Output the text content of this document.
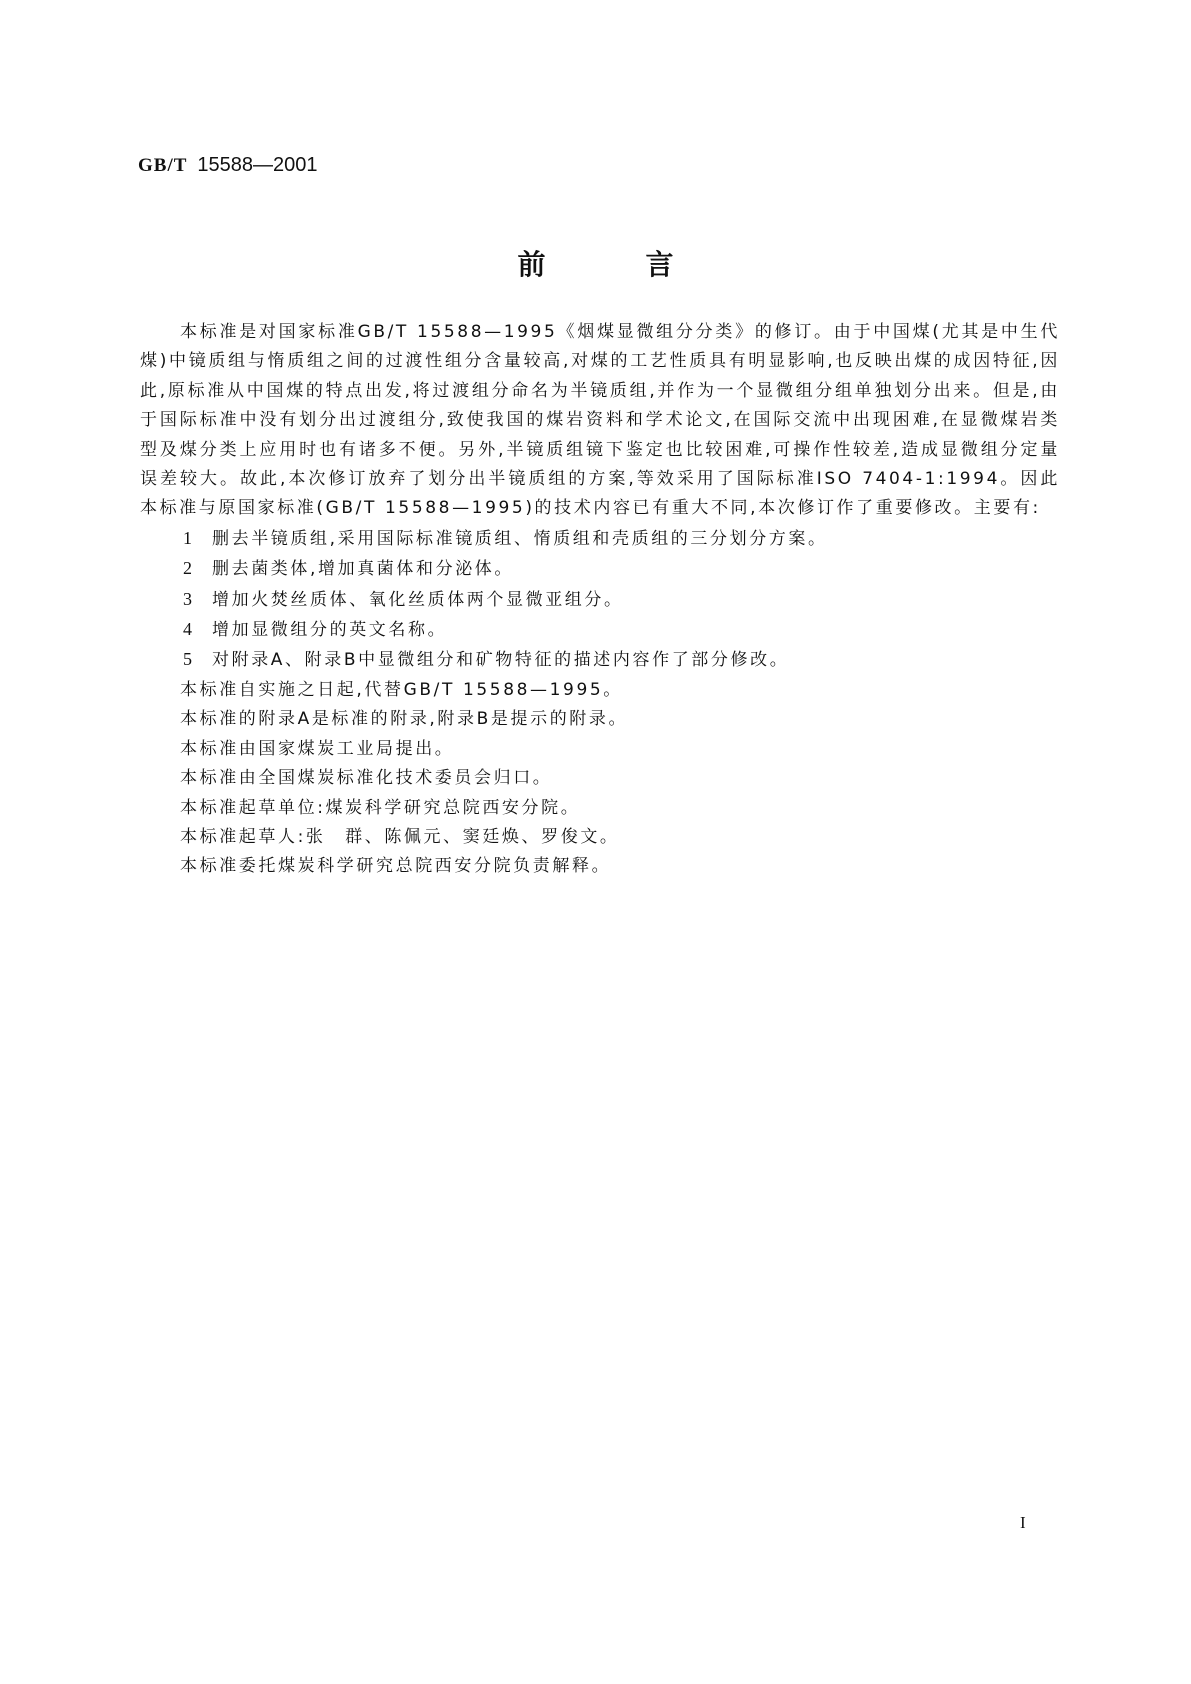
GB/T 15588—2001
前	言

本标准是对国家标准GB/T 15588—1995《烟煤显微组分分类》的修订。由于中国煤(尤其是中生代煤)中镜质组与惰质组之间的过渡性组分含量较高,对煤的工艺性质具有明显影响,也反映出煤的成因特征,因此,原标准从中国煤的特点出发,将过渡组分命名为半镜质组,并作为一个显微组分组单独划分出来。但是,由于国际标准中没有划分出过渡组分,致使我国的煤岩资料和学术论文,在国际交流中出现困难,在显微煤岩类型及煤分类上应用时也有诸多不便。另外,半镜质组镜下鉴定也比较困难,可操作性较差,造成显微组分定量误差较大。故此,本次修订放弃了划分出半镜质组的方案,等效采用了国际标准ISO 7404-1:1994。因此本标准与原国家标准(GB/T 15588—1995)的技术内容已有重大不同,本次修订作了重要修改。主要有:

1 删去半镜质组,采用国际标准镜质组、惰质组和壳质组的三分划分方案。
2 删去菌类体,增加真菌体和分泌体。
3 增加火焚丝质体、氧化丝质体两个显微亚组分。
4 增加显微组分的英文名称。
5 对附录A、附录B中显微组分和矿物特征的描述内容作了部分修改。

本标准自实施之日起,代替GB/T 15588—1995。

本标准的附录A是标准的附录,附录B是提示的附录。

本标准由国家煤炭工业局提出。

本标准由全国煤炭标准化技术委员会归口。

本标准起草单位:煤炭科学研究总院西安分院。

本标准起草人:张　群、陈佩元、窦廷焕、罗俊文。

本标准委托煤炭科学研究总院西安分院负责解释。

I
